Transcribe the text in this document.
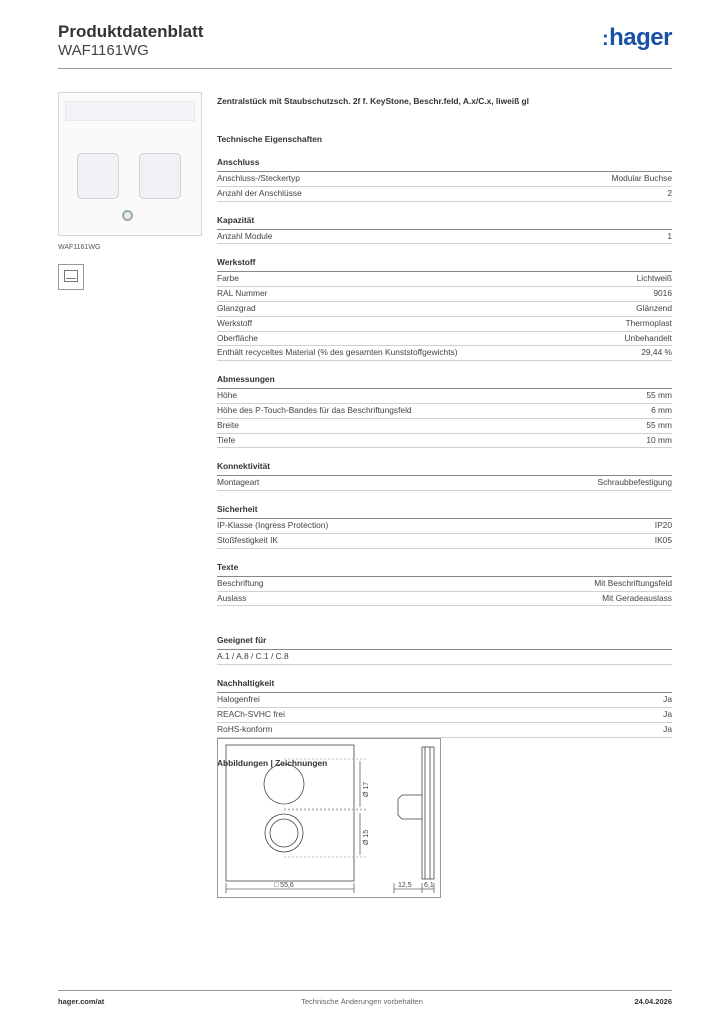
Produktdatenblatt
WAF1161WG
:hager
WAF1161WG
Zentralstück mit Staubschutzsch. 2f f. KeyStone, Beschr.feld, A.x/C.x, lìweiß gl
Technische Eigenschaften
Anschluss
Anschluss-/Steckertyp	Modular Buchse
Anzahl der Anschlüsse	2
Kapazität
Anzahl Module	1
Werkstoff
Farbe	Lichtweiß
RAL Nummer	9016
Glanzgrad	Glänzend
Werkstoff	Thermoplast
Oberfläche	Unbehandelt
Enthält recyceltes Material (% des gesamten Kunststoffgewichts)	29,44 %
Abmessungen
Höhe	55 mm
Höhe des P-Touch-Bandes für das Beschriftungsfeld	6 mm
Breite	55 mm
Tiefe	10 mm
Konnektivität
Montageart	Schraubbefestigung
Sicherheit
IP-Klasse (Ingress Protection)	IP20
Stoßfestigkeit IK	IK05
Texte
Beschriftung	Mit Beschriftungsfeld
Auslass	Mit Geradeauslass
Geeignet für
A.1 / A.8 / C.1 / C.8
Nachhaltigkeit
Halogenfrei	Ja
REACh-SVHC frei	Ja
RoHS-konform	Ja
Abbildungen | Zeichnungen
□ 55,6	12,5 6,1
Ø 17
Ø 15
hager.com/at	Technische Änderungen vorbehalten	24.04.2026
